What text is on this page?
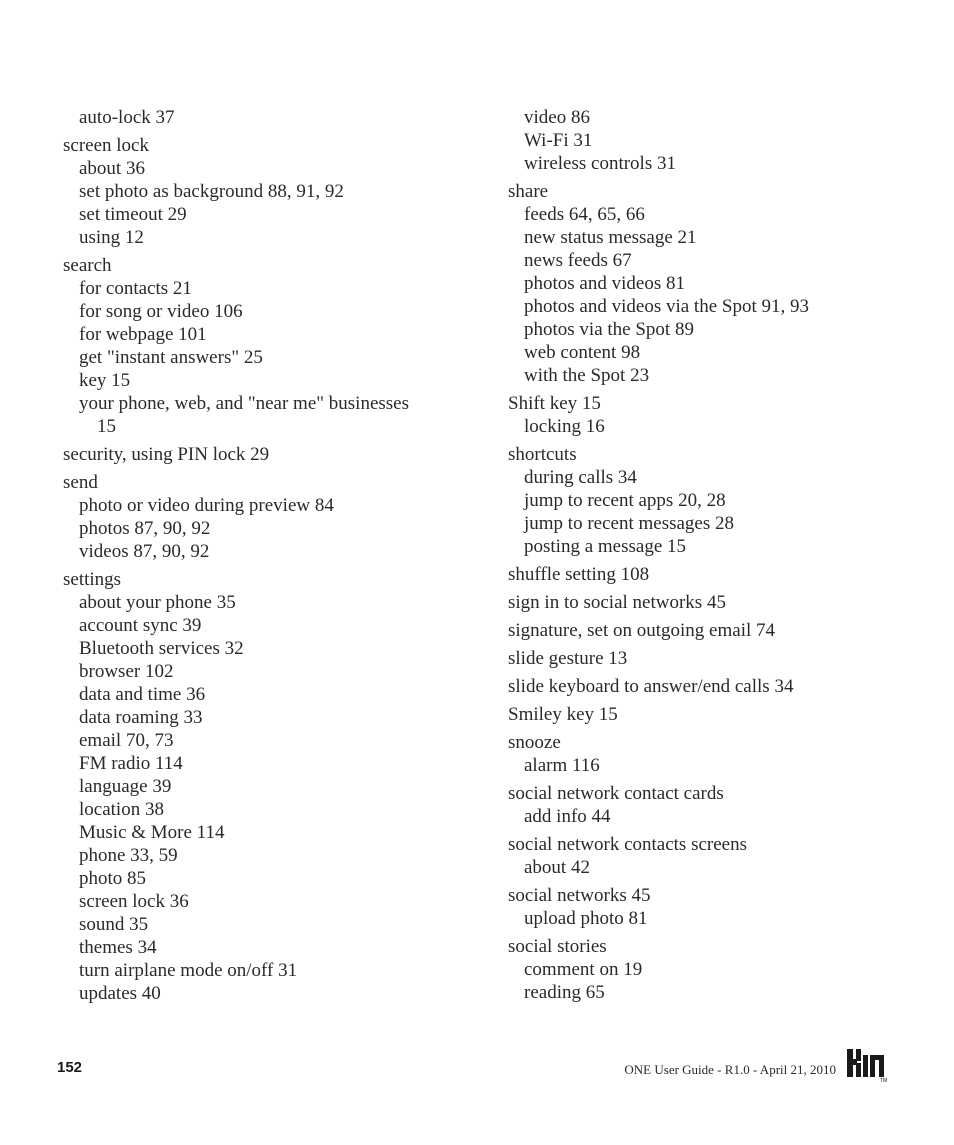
auto-lock 37
screen lock
about 36
set photo as background 88, 91, 92
set timeout 29
using 12
search
for contacts 21
for song or video 106
for webpage 101
get "instant answers" 25
key 15
your phone, web, and "near me" businesses
15
security, using PIN lock 29
send
photo or video during preview 84
photos 87, 90, 92
videos 87, 90, 92
settings
about your phone 35
account sync 39
Bluetooth services 32
browser 102
data and time 36
data roaming 33
email 70, 73
FM radio 114
language 39
location 38
Music & More 114
phone 33, 59
photo 85
screen lock 36
sound 35
themes 34
turn airplane mode on/off 31
updates 40
video 86
Wi-Fi 31
wireless controls 31
share
feeds 64, 65, 66
new status message 21
news feeds 67
photos and videos 81
photos and videos via the Spot 91, 93
photos via the Spot 89
web content 98
with the Spot 23
Shift key 15
locking 16
shortcuts
during calls 34
jump to recent apps 20, 28
jump to recent messages 28
posting a message 15
shuffle setting 108
sign in to social networks 45
signature, set on outgoing email 74
slide gesture 13
slide keyboard to answer/end calls 34
Smiley key 15
snooze
alarm 116
social network contact cards
add info 44
social network contacts screens
about 42
social networks 45
upload photo 81
social stories
comment on 19
reading 65
152	ONE User Guide - R1.0 - April 21, 2010
TM
